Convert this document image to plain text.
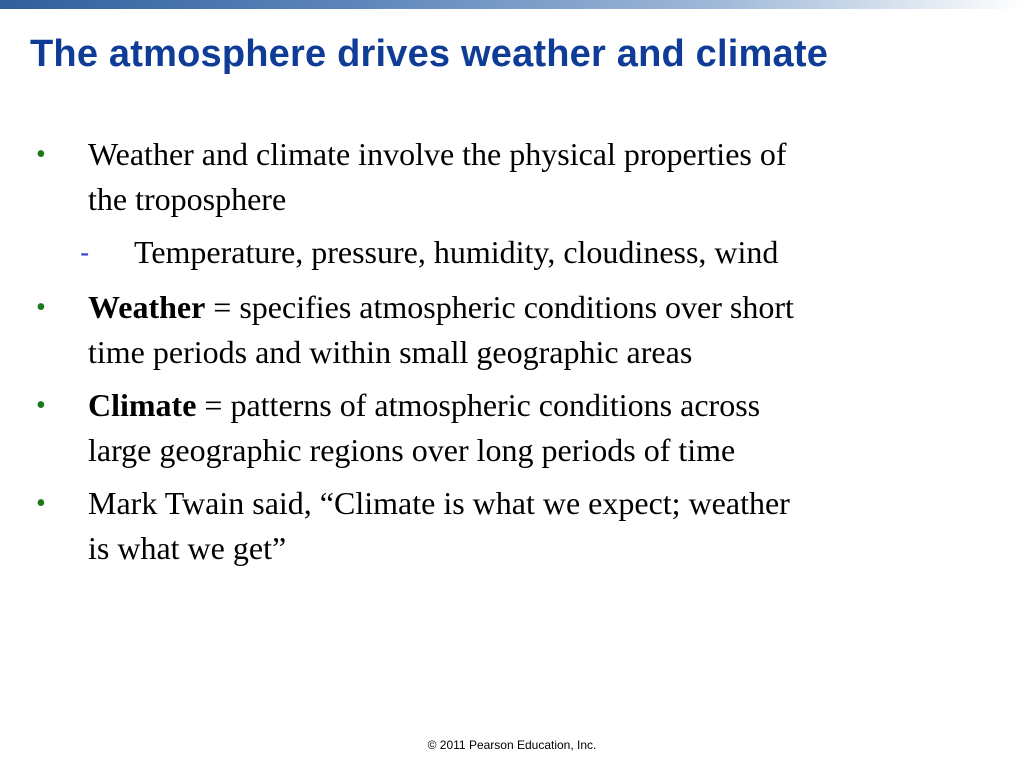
The atmosphere drives weather and climate
• Weather and climate involve the physical properties of
the troposphere
- Temperature, pressure, humidity, cloudiness, wind
• Weather = specifies atmospheric conditions over short
time periods and within small geographic areas
• Climate = patterns of atmospheric conditions across
large geographic regions over long periods of time
• Mark Twain said, “Climate is what we expect; weather
is what we get”
© 2011 Pearson Education, Inc.
